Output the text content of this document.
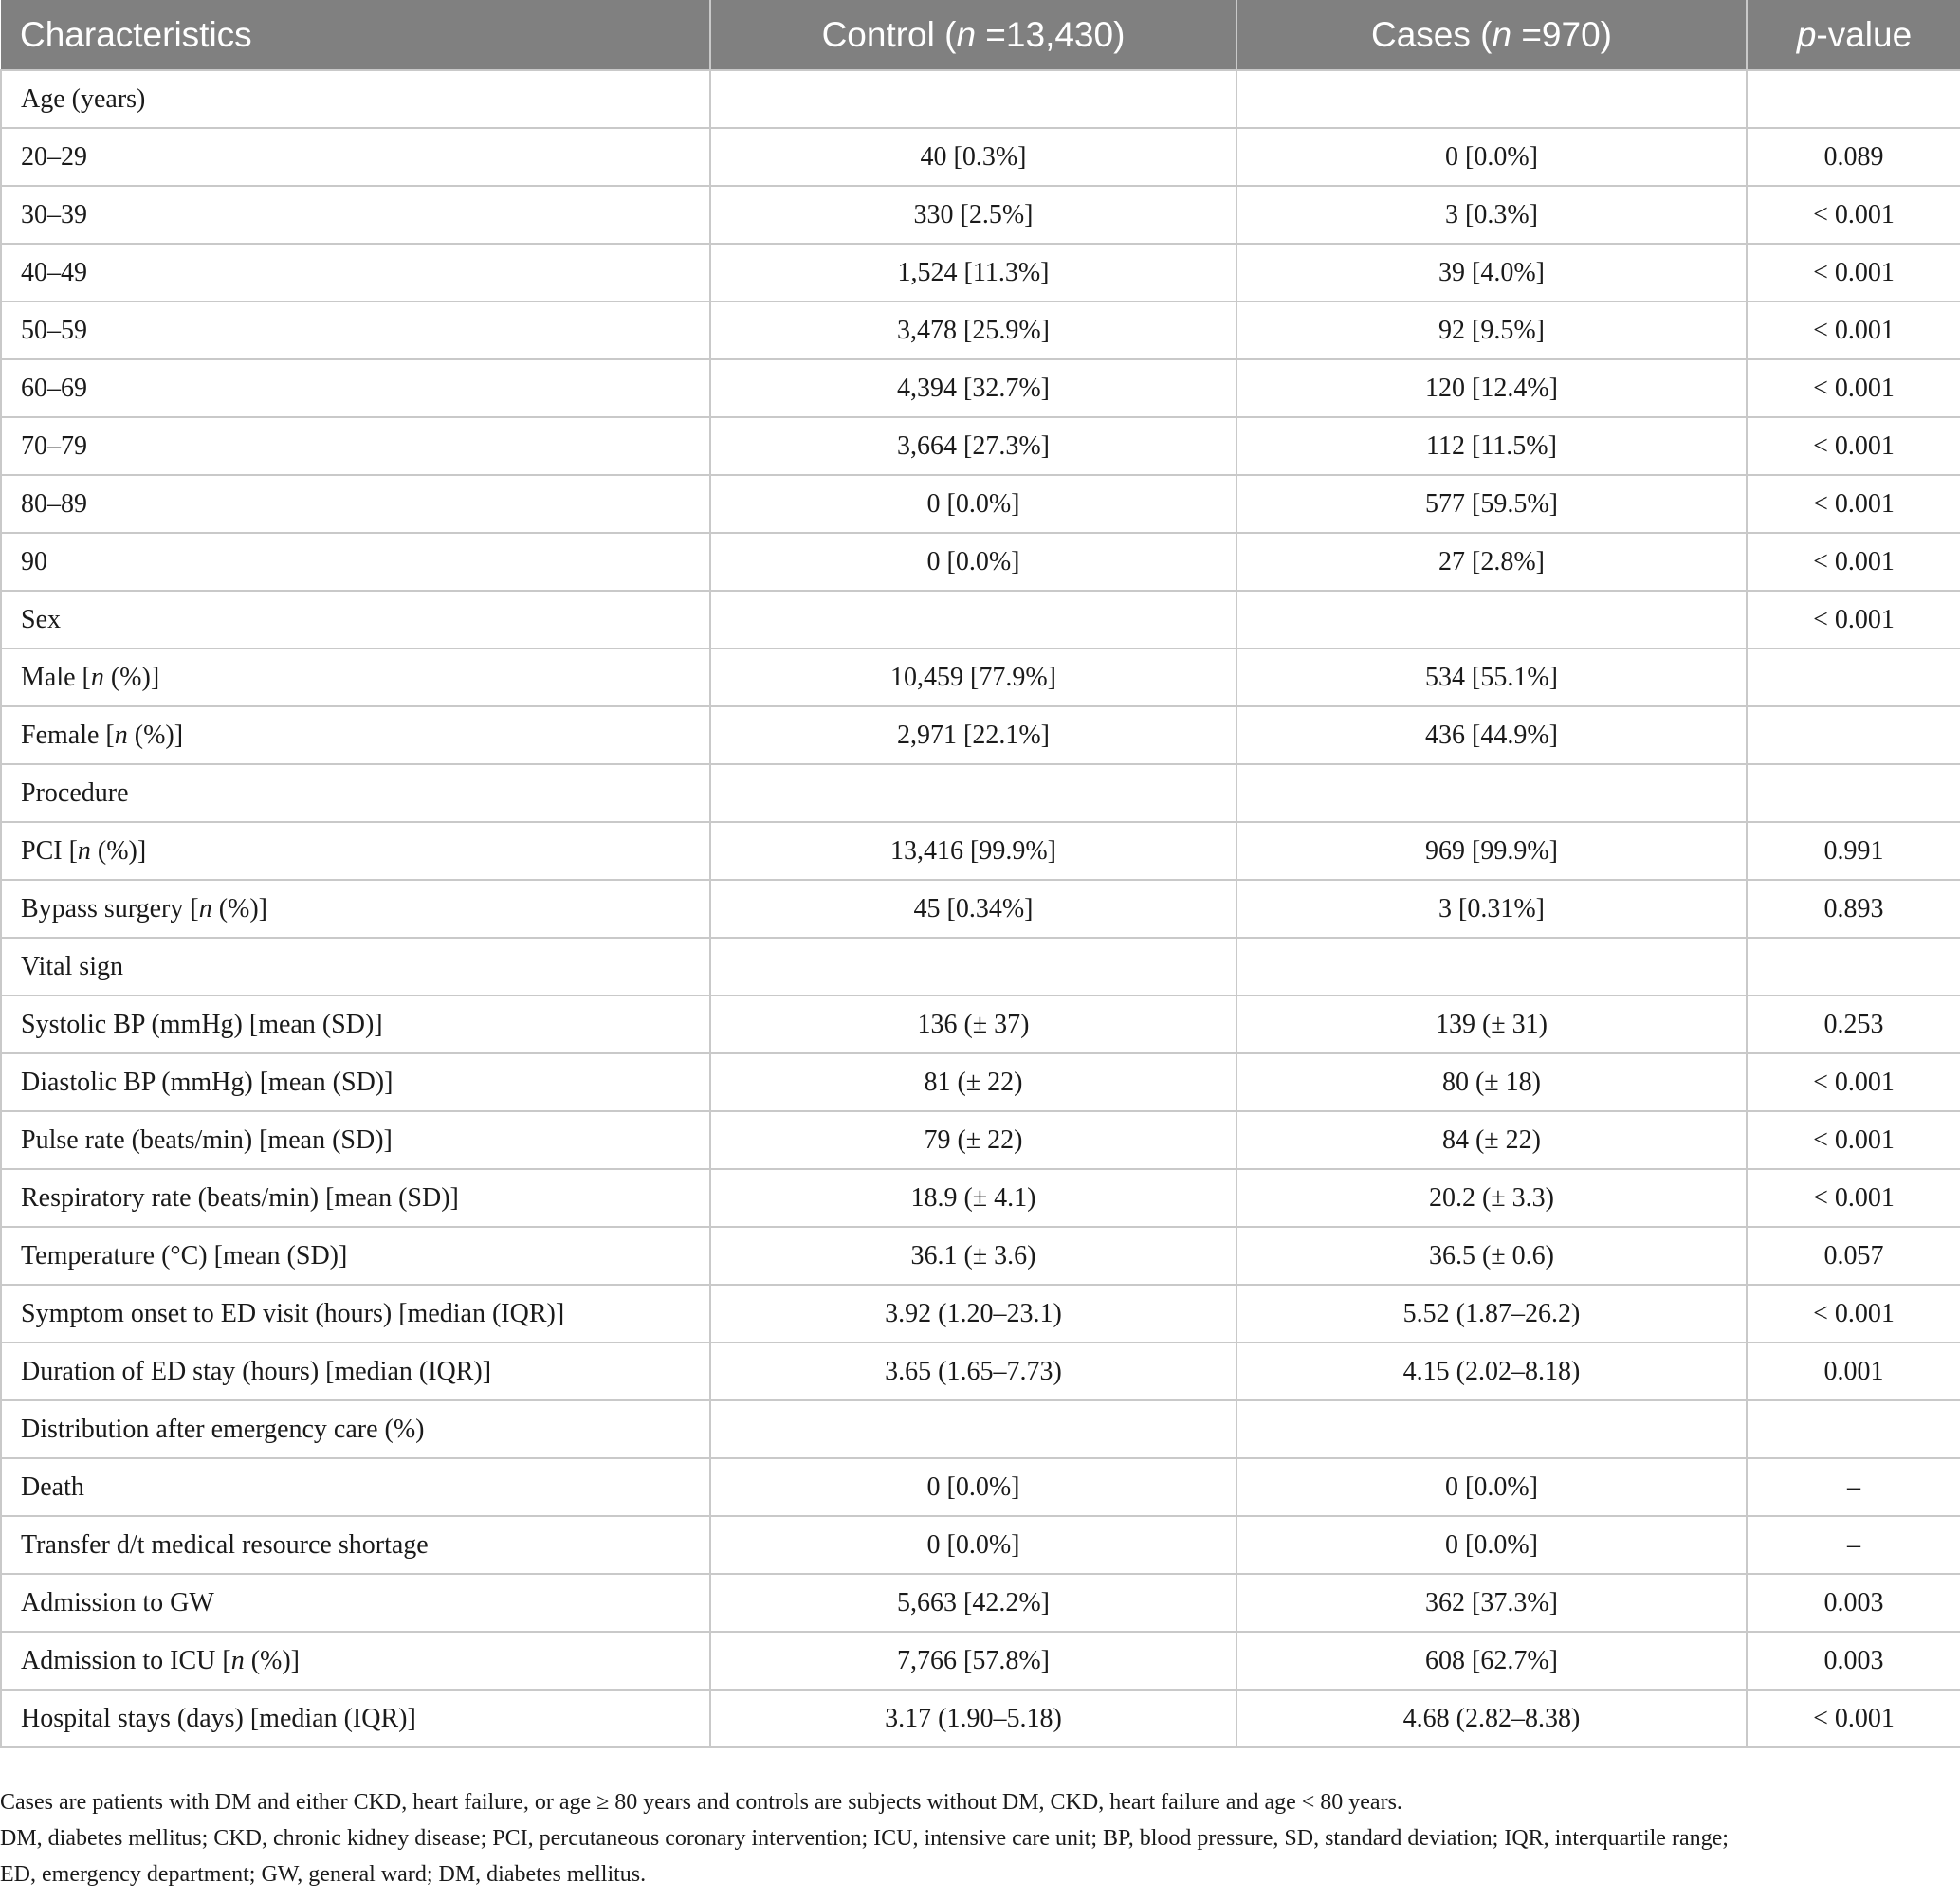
Characteristics	Control (n =13,430)	Cases (n =970)	p-value
Age (years)			
20–29	40 [0.3%]	0 [0.0%]	0.089
30–39	330 [2.5%]	3 [0.3%]	< 0.001
40–49	1,524 [11.3%]	39 [4.0%]	< 0.001
50–59	3,478 [25.9%]	92 [9.5%]	< 0.001
60–69	4,394 [32.7%]	120 [12.4%]	< 0.001
70–79	3,664 [27.3%]	112 [11.5%]	< 0.001
80–89	0 [0.0%]	577 [59.5%]	< 0.001
90	0 [0.0%]	27 [2.8%]	< 0.001
Sex			< 0.001
Male [n (%)]	10,459 [77.9%]	534 [55.1%]	
Female [n (%)]	2,971 [22.1%]	436 [44.9%]	
Procedure			
PCI [n (%)]	13,416 [99.9%]	969 [99.9%]	0.991
Bypass surgery [n (%)]	45 [0.34%]	3 [0.31%]	0.893
Vital sign			
Systolic BP (mmHg) [mean (SD)]	136 (± 37)	139 (± 31)	0.253
Diastolic BP (mmHg) [mean (SD)]	81 (± 22)	80 (± 18)	< 0.001
Pulse rate (beats/min) [mean (SD)]	79 (± 22)	84 (± 22)	< 0.001
Respiratory rate (beats/min) [mean (SD)]	18.9 (± 4.1)	20.2 (± 3.3)	< 0.001
Temperature (°C) [mean (SD)]	36.1 (± 3.6)	36.5 (± 0.6)	0.057
Symptom onset to ED visit (hours) [median (IQR)]	3.92 (1.20–23.1)	5.52 (1.87–26.2)	< 0.001
Duration of ED stay (hours) [median (IQR)]	3.65 (1.65–7.73)	4.15 (2.02–8.18)	0.001
Distribution after emergency care (%)			
Death	0 [0.0%]	0 [0.0%]	–
Transfer d/t medical resource shortage	0 [0.0%]	0 [0.0%]	–
Admission to GW	5,663 [42.2%]	362 [37.3%]	0.003
Admission to ICU [n (%)]	7,766 [57.8%]	608 [62.7%]	0.003
Hospital stays (days) [median (IQR)]	3.17 (1.90–5.18)	4.68 (2.82–8.38)	< 0.001

Cases are patients with DM and either CKD, heart failure, or age ≥ 80 years and controls are subjects without DM, CKD, heart failure and age < 80 years.

DM, diabetes mellitus; CKD, chronic kidney disease; PCI, percutaneous coronary intervention; ICU, intensive care unit; BP, blood pressure, SD, standard deviation; IQR, interquartile range;

ED, emergency department; GW, general ward; DM, diabetes mellitus.
